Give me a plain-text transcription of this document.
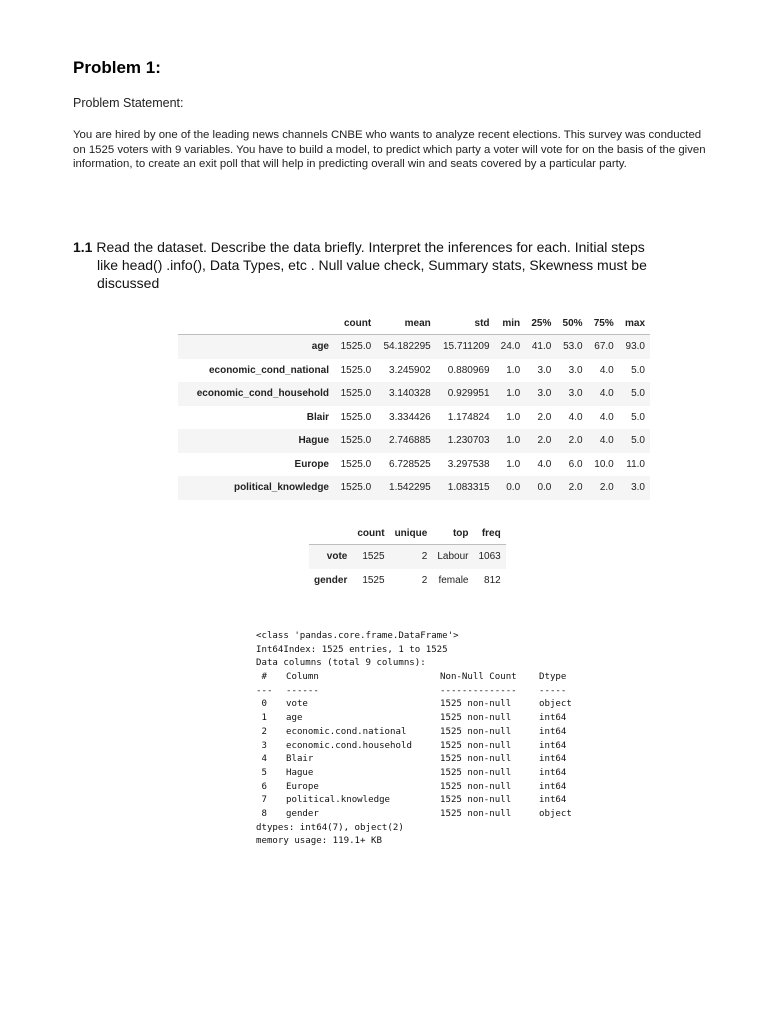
Problem 1:
Problem Statement:
You are hired by one of the leading news channels CNBE who wants to analyze recent elections. This survey was conducted on 1525 voters with 9 variables. You have to build a model, to predict which party a voter will vote for on the basis of the given information, to create an exit poll that will help in predicting overall win and seats covered by a particular party.
1.1 Read the dataset. Describe the data briefly. Interpret the inferences for each. Initial steps
like head() .info(), Data Types, etc . Null value check, Summary stats, Skewness must be
discussed
	count	mean	std	min	25%	50%	75%	max
age	1525.0	54.182295	15.711209	24.0	41.0	53.0	67.0	93.0
economic_cond_national	1525.0	3.245902	0.880969	1.0	3.0	3.0	4.0	5.0
economic_cond_household	1525.0	3.140328	0.929951	1.0	3.0	3.0	4.0	5.0
Blair	1525.0	3.334426	1.174824	1.0	2.0	4.0	4.0	5.0
Hague	1525.0	2.746885	1.230703	1.0	2.0	2.0	4.0	5.0
Europe	1525.0	6.728525	3.297538	1.0	4.0	6.0	10.0	11.0
political_knowledge	1525.0	1.542295	1.083315	0.0	0.0	2.0	2.0	3.0
	count	unique	top	freq
vote	1525	2	Labour	1063
gender	1525	2	female	812
<class 'pandas.core.frame.DataFrame'>
Int64Index: 1525 entries, 1 to 1525
Data columns (total 9 columns):
# Column	Non-Null Count Dtype
--- ------	-------------- -----
0 vote	1525 non-null	object
1 age	1525 non-null	int64
2 economic.cond.national	1525 non-null	int64
3 economic.cond.household	1525 non-null	int64
4 Blair	1525 non-null	int64
5 Hague	1525 non-null	int64
6 Europe	1525 non-null	int64
7 political.knowledge	1525 non-null	int64
8 gender	1525 non-null	object
dtypes: int64(7), object(2)
memory usage: 119.1+ KB
